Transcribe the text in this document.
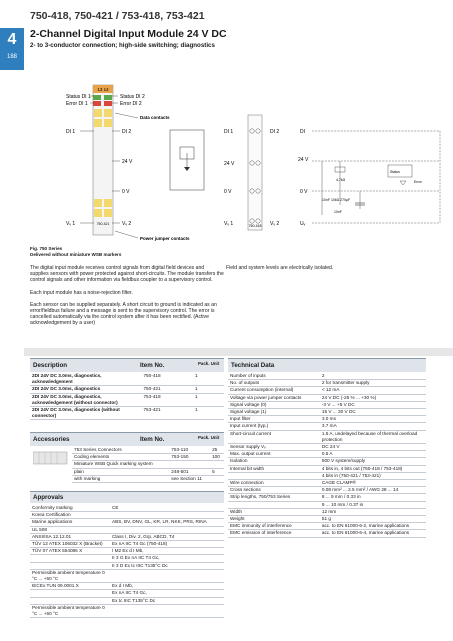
4
188
750-418, 750-421 / 753-418, 753-421
2-Channel Digital Input Module 24 V DC
2- to 3-conductor connection; high-side switching; diagnostics
13 14
750-421
Status DI 1
Error DI 1
Status DI 2
Error DI 2
Data contacts
DI 1	DI 2
24 V
0 V
Vᵥ 1	Vᵥ 2
Power jumper contacts
750-418
DI 1	DI 2
24 V
0 V
Vᵥ 1	Vᵥ 2
DI
24 V
0 V
Uᵥ
4,7kΩ
Status
Error
10nF 10kΩ 270µF
10nF
Fig. 750 Series
Delivered without miniature WSB markers

The digital input module receives control signals from digital field devices and supplies sensors with power protected against short-circuits. The module transfers the control signals and other information via fieldbus coupler to a supervisory control.

Each input module has a noise-rejection filter.

Each sensor can be supplied separately. A short circuit to ground is indicated as an error/fieldbus failure and a message is sent to the supervisory control. The error is cancelled automatically via the control system after it has been rectified. (Active acknowledgement by a user)

Field and system levels are electrically isolated.
Description	Item No.	Pack. Unit
2DI 24V DC 3.0ms, diagnostics, acknowledgement	750-418	1
2DI 24V DC 3.0ms, diagnostics	750-421	1
2DI 24V DC 3.0ms, diagnostics, acknowledgement (without connector)	753-418	1
2DI 24V DC 3.0ms, diagnostics (without connector)	753-421	1
Accessories	Item No.	Pack. Unit
753 Series Connectors	753-110	25
Coding elements	753-150	100
Miniature WSB Quick marking system		
plain	248-501	5
with marking	see Section 11	
Approvals
Conformity marking	CE
Korea Certification	
Marine applications	ABS, BV, DNV, GL, KR, LR, NKK, PRS, RINA
UL 508	
ANSI/ISA 12.12.01	Class I, Div. 2, Grp. ABCD, T4
TÜV 12 ATEX 106032 X (Bracket)	Ex nA IIC T4 Gc (750-418)
TÜV 07 ATEX 554086 X	I M2 Ex d I Mb,
	II 3 G Ex nA IIC T4 Gc,
	II 3 D Ex tc IIIC T135°C Dc
Permissible ambient temperature 0 °C ... +60 °C	
IECEx TUN 09.0001 X	Ex d I Mb,
	Ex nA IIC T4 Gc,
	Ex tc IIIC T135°C Dc
Permissible ambient temperature 0 °C ... +60 °C	
Technical Data
Number of inputs	2
No. of outputs	2 for transmitter supply
Current consumption (internal)	< 12 mA
Voltage via power jumper contacts	24 V DC (-25 % ... +30 %)
Signal voltage (0)	-3 V ... +5 V DC
Signal voltage (1)	15 V ... 30 V DC
Input filter	3.0 ms
Input current (typ.)	3.7 mA
Short-circuit current	1.5 A, undelayed because of thermal overload protection
Sensor supply Vᵥ	DC 24 V
Max. output current	0.5 A
Isolation	500 V system/supply
Internal bit width	4 bits in, 4 bits out (750-418 / 753-418)
	4 bits in (750-421 / 753-421)
Wire connection	CAGE CLAMP®
Cross sections	0.08 mm² ... 2.5 mm² / AWG 28 ... 14
Strip lengths, 750/753 Series	8 ... 9 mm / 0.33 in
	9 ... 10 mm / 0.37 in
Width	12 mm
Weight	51 g
EMC immunity of interference	acc. to EN 61000-6-2, marine applications
EMC emission of interference	acc. to EN 61000-6-4, marine applications
